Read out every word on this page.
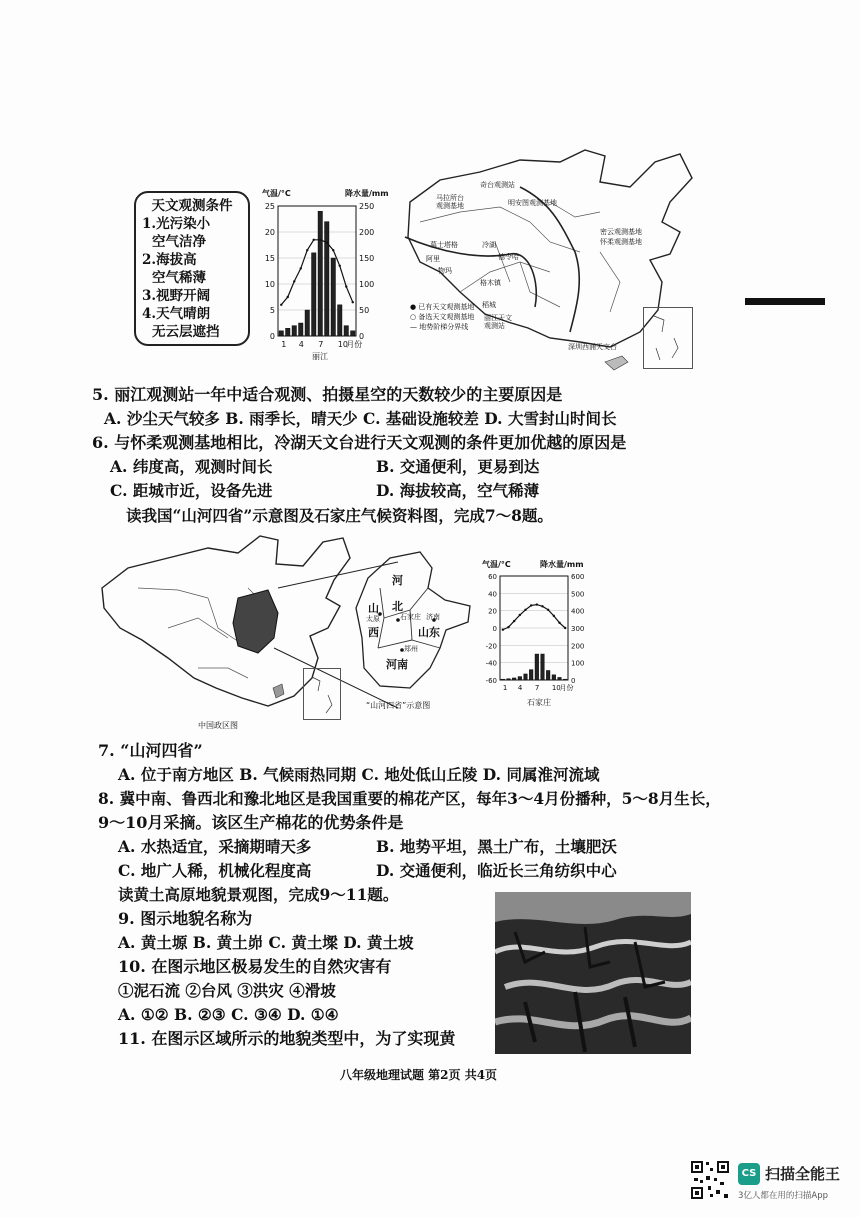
天文观测条件
1.光污染小
空气洁净
2.海拔高
空气稀薄
3.视野开阔
4.天气晴朗
无云层遮挡
气温/°C	降水量/mm
0
5
10
15
20
25
0
50
100
150
200
250
1 4 7 10
月份
丽江
奇台观测站
马拉所台观测基地	明安图观测基地
密云观测基地
怀柔观测基地
慕士塔格	冷湖
德令哈
阿里
物玛
格木镇
稻城
丽江天文观测站
深圳西涌天文台
● 已有天文观测基地
○ 备选天文观测基地
— 地势阶梯分界线
5. 丽江观测站一年中适合观测、拍摄星空的天数较少的主要原因是
A. 沙尘天气较多 B. 雨季长，晴天少 C. 基础设施较差 D. 大雪封山时间长
6. 与怀柔观测基地相比，冷湖天文台进行天文观测的条件更加优越的原因是
A. 纬度高，观测时间长	B. 交通便利，更易到达
C. 距城市近，设备先进	D. 海拔较高，空气稀薄
读我国“山河四省”示意图及石家庄气候资料图，完成7～8题。
中国政区图
河
北
山
西	山东
河南
石家庄
太原	济南
郑州
“山河四省”示意图
气温/°C	降水量/mm
-60
-40
-20
0
20
40
60
0
100
200
300
400
500
600
1 4 7 10
月份
石家庄
7. “山河四省”
A. 位于南方地区 B. 气候雨热同期 C. 地处低山丘陵 D. 同属淮河流域
8. 冀中南、鲁西北和豫北地区是我国重要的棉花产区，每年3～4月份播种，5～8月生长，
9～10月采摘。该区生产棉花的优势条件是
A. 水热适宜，采摘期晴天多	B. 地势平坦，黑土广布，土壤肥沃
C. 地广人稀，机械化程度高	D. 交通便利，临近长三角纺织中心
读黄土高原地貌景观图，完成9～11题。
9. 图示地貌名称为
A. 黄土塬 B. 黄土峁 C. 黄土墚 D. 黄土坡
10. 在图示地区极易发生的自然灾害有
①泥石流 ②台风 ③洪灾 ④滑坡
A. ①② B. ②③ C. ③④ D. ①④
11. 在图示区域所示的地貌类型中，为了实现黄
八年级地理试题 第2页 共4页
CS 扫描全能王
3亿人都在用的扫描App
